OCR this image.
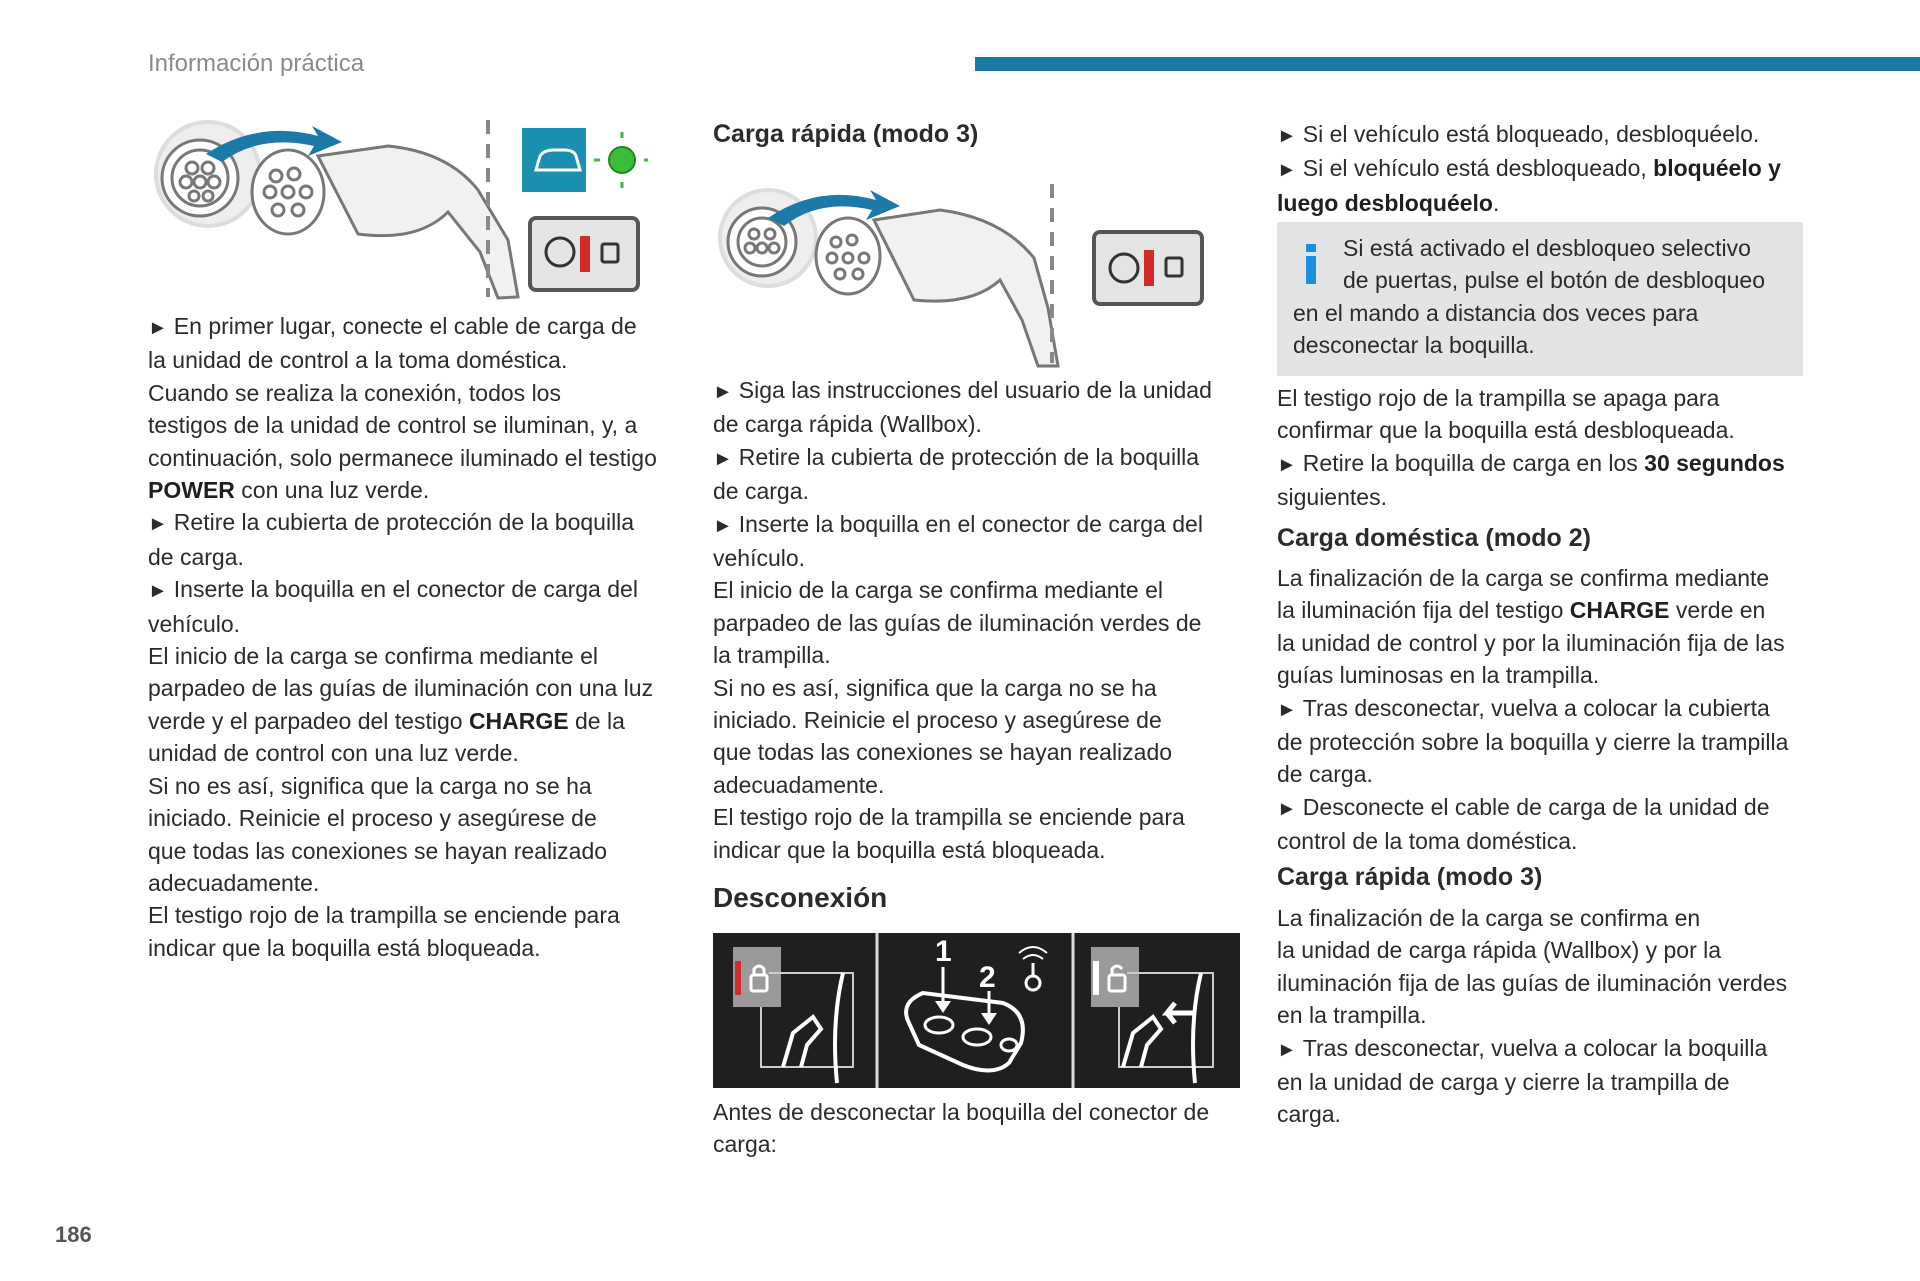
Información práctica
186

► En primer lugar, conecte el cable de carga de
la unidad de control a la toma doméstica.

Cuando se realiza la conexión, todos los
testigos de la unidad de control se iluminan, y, a
continuación, solo permanece iluminado el testigo
POWER con una luz verde.

► Retire la cubierta de protección de la boquilla
de carga.

► Inserte la boquilla en el conector de carga del
vehículo.

El inicio de la carga se confirma mediante el
parpadeo de las guías de iluminación con una luz
verde y el parpadeo del testigo CHARGE de la
unidad de control con una luz verde.

Si no es así, significa que la carga no se ha
iniciado. Reinicie el proceso y asegúrese de
que todas las conexiones se hayan realizado
adecuadamente.

El testigo rojo de la trampilla se enciende para
indicar que la boquilla está bloqueada.

Carga rápida (modo 3)

► Siga las instrucciones del usuario de la unidad
de carga rápida (Wallbox).

► Retire la cubierta de protección de la boquilla
de carga.

► Inserte la boquilla en el conector de carga del
vehículo.

El inicio de la carga se confirma mediante el
parpadeo de las guías de iluminación verdes de
la trampilla.

Si no es así, significa que la carga no se ha
iniciado. Reinicie el proceso y asegúrese de
que todas las conexiones se hayan realizado
adecuadamente.

El testigo rojo de la trampilla se enciende para
indicar que la boquilla está bloqueada.

Desconexión
1
2

Antes de desconectar la boquilla del conector de
carga:

► Si el vehículo está bloqueado, desbloquéelo.

► Si el vehículo está desbloqueado, bloquéelo y
luego desbloquéelo.

Si está activado el desbloqueo selectivo
de puertas, pulse el botón de desbloqueo

en el mando a distancia dos veces para
desconectar la boquilla.

El testigo rojo de la trampilla se apaga para
confirmar que la boquilla está desbloqueada.

► Retire la boquilla de carga en los 30 segundos
siguientes.

Carga doméstica (modo 2)

La finalización de la carga se confirma mediante
la iluminación fija del testigo CHARGE verde en
la unidad de control y por la iluminación fija de las
guías luminosas en la trampilla.

► Tras desconectar, vuelva a colocar la cubierta
de protección sobre la boquilla y cierre la trampilla
de carga.

► Desconecte el cable de carga de la unidad de
control de la toma doméstica.

Carga rápida (modo 3)

La finalización de la carga se confirma en
la unidad de carga rápida (Wallbox) y por la
iluminación fija de las guías de iluminación verdes
en la trampilla.

► Tras desconectar, vuelva a colocar la boquilla
en la unidad de carga y cierre la trampilla de
carga.
